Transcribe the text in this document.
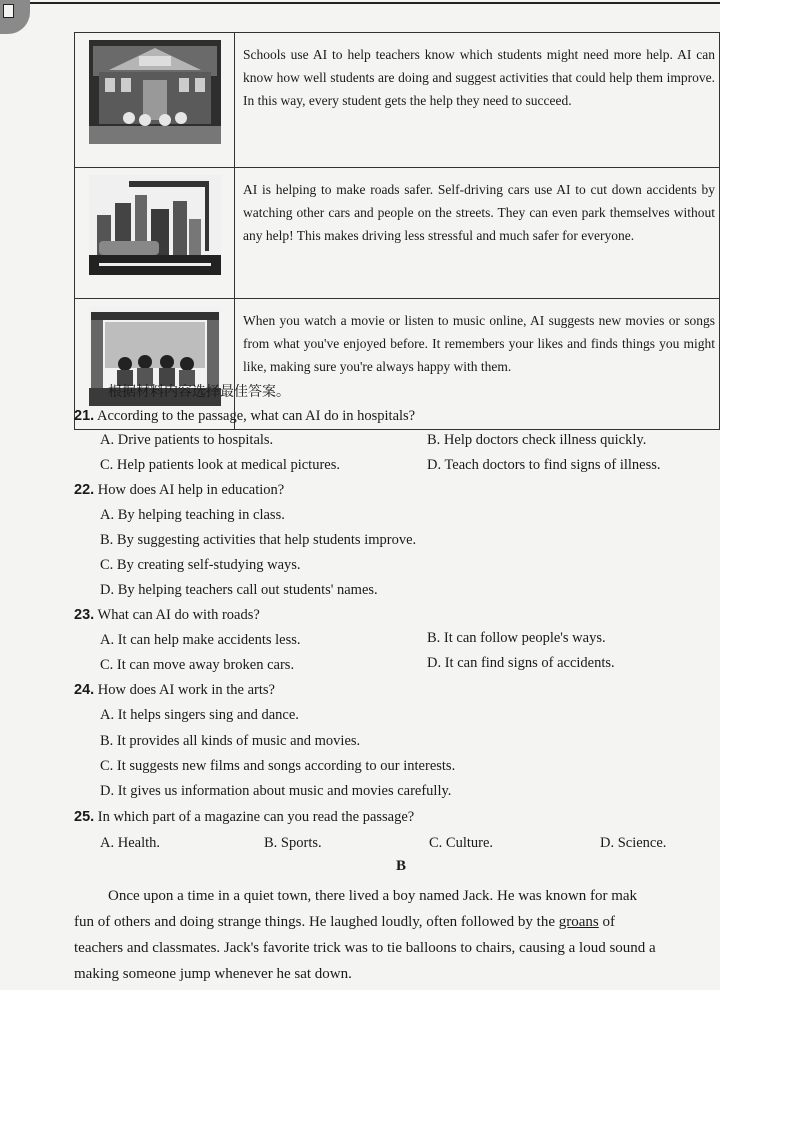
	Schools use AI to help teachers know which students might need more help. AI can know how well students are doing and suggest activities that could help them improve. In this way, every student gets the help they need to succeed.

	AI is helping to make roads safer. Self-driving cars use AI to cut down accidents by watching other cars and people on the streets. They can even park themselves without any help! This makes driving less stressful and much safer for everyone.

	When you watch a movie or listen to music online, AI suggests new movies or songs from what you've enjoyed before. It remembers your likes and finds things you might like, making sure you're always happy with them.
根据材料内容选择最佳答案。
21. According to the passage, what can AI do in hospitals?
A. Drive patients to hospitals.	B. Help doctors check illness quickly.
C. Help patients look at medical pictures.	D. Teach doctors to find signs of illness.
22. How does AI help in education?
A. By helping teaching in class.
B. By suggesting activities that help students improve.
C. By creating self-studying ways.
D. By helping teachers call out students' names.
23. What can AI do with roads?
A. It can help make accidents less.	B. It can follow people's ways.
C. It can move away broken cars.	D. It can find signs of accidents.
24. How does AI work in the arts?
A. It helps singers sing and dance.
B. It provides all kinds of music and movies.
C. It suggests new films and songs according to our interests.
D. It gives us information about music and movies carefully.
25. In which part of a magazine can you read the passage?
A. Health.	B. Sports.	C. Culture.	D. Science.
B
Once upon a time in a quiet town, there lived a boy named Jack. He was known for mak
fun of others and doing strange things. He laughed loudly, often followed by the groans of
teachers and classmates. Jack's favorite trick was to tie balloons to chairs, causing a loud sound a
making someone jump whenever he sat down.
